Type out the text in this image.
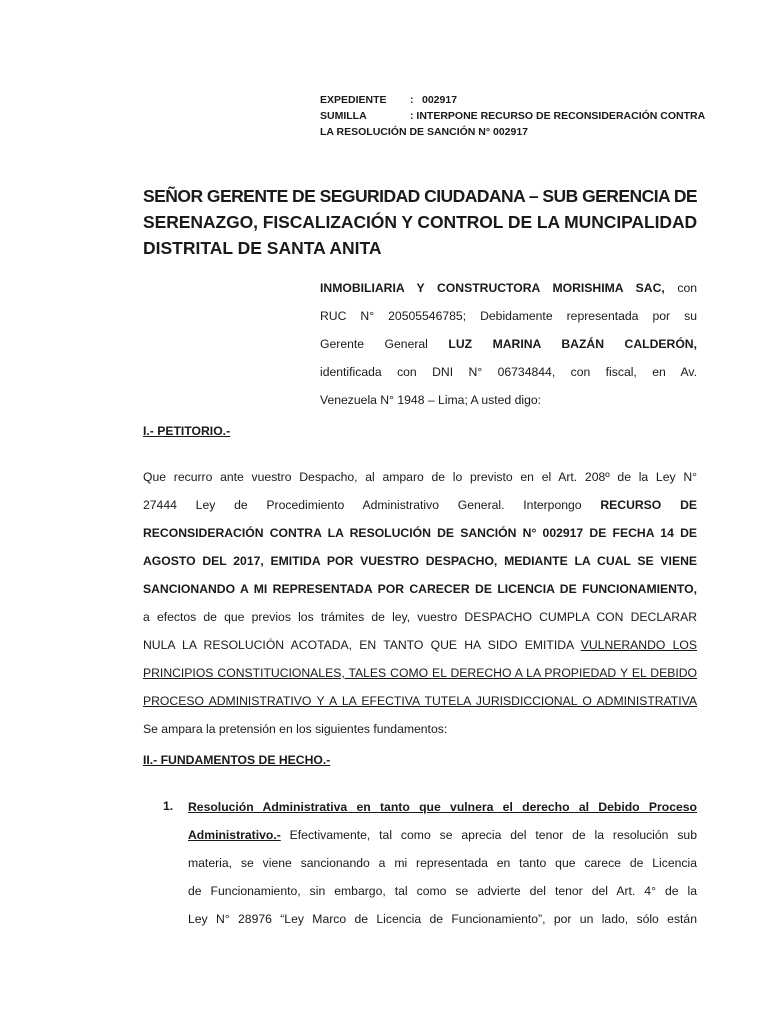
EXPEDIENTE : 002917
SUMILLA	: INTERPONE RECURSO DE RECONSIDERACIÓN CONTRA
LA RESOLUCIÓN DE SANCIÓN N° 002917
SEÑOR GERENTE DE SEGURIDAD CIUDADANA – SUB GERENCIA DE
SERENAZGO, FISCALIZACIÓN Y CONTROL DE LA MUNCIPALIDAD
DISTRITAL DE SANTA ANITA
INMOBILIARIA Y CONSTRUCTORA MORISHIMA SAC, con
RUC N° 20505546785; Debidamente representada por su
Gerente General LUZ MARINA BAZÁN CALDERÓN,
identificada con DNI N° 06734844, con fiscal, en Av.
Venezuela N° 1948 – Lima; A usted digo:
I.- PETITORIO.-
Que recurro ante vuestro Despacho, al amparo de lo previsto en el Art. 208º de la Ley N°
27444 Ley de Procedimiento Administrativo General. Interpongo RECURSO DE
RECONSIDERACIÓN CONTRA LA RESOLUCIÓN DE SANCIÓN N° 002917 DE FECHA 14 DE
AGOSTO DEL 2017, EMITIDA POR VUESTRO DESPACHO, MEDIANTE LA CUAL SE VIENE
SANCIONANDO A MI REPRESENTADA POR CARECER DE LICENCIA DE FUNCIONAMIENTO,
a efectos de que previos los trámites de ley, vuestro DESPACHO CUMPLA CON DECLARAR
NULA LA RESOLUCIÓN ACOTADA, EN TANTO QUE HA SIDO EMITIDA VULNERANDO LOS
PRINCIPIOS CONSTITUCIONALES, TALES COMO EL DERECHO A LA PROPIEDAD Y EL DEBIDO
PROCESO ADMINISTRATIVO Y A LA EFECTIVA TUTELA JURISDICCIONAL O ADMINISTRATIVA
Se ampara la pretensión en los siguientes fundamentos:
II.- FUNDAMENTOS DE HECHO.-
1. Resolución Administrativa en tanto que vulnera el derecho al Debido Proceso
Administrativo.- Efectivamente, tal como se aprecia del tenor de la resolución sub
materia, se viene sancionando a mi representada en tanto que carece de Licencia
de Funcionamiento, sin embargo, tal como se advierte del tenor del Art. 4° de la
Ley N° 28976 “Ley Marco de Licencia de Funcionamiento”, por un lado, sólo están
